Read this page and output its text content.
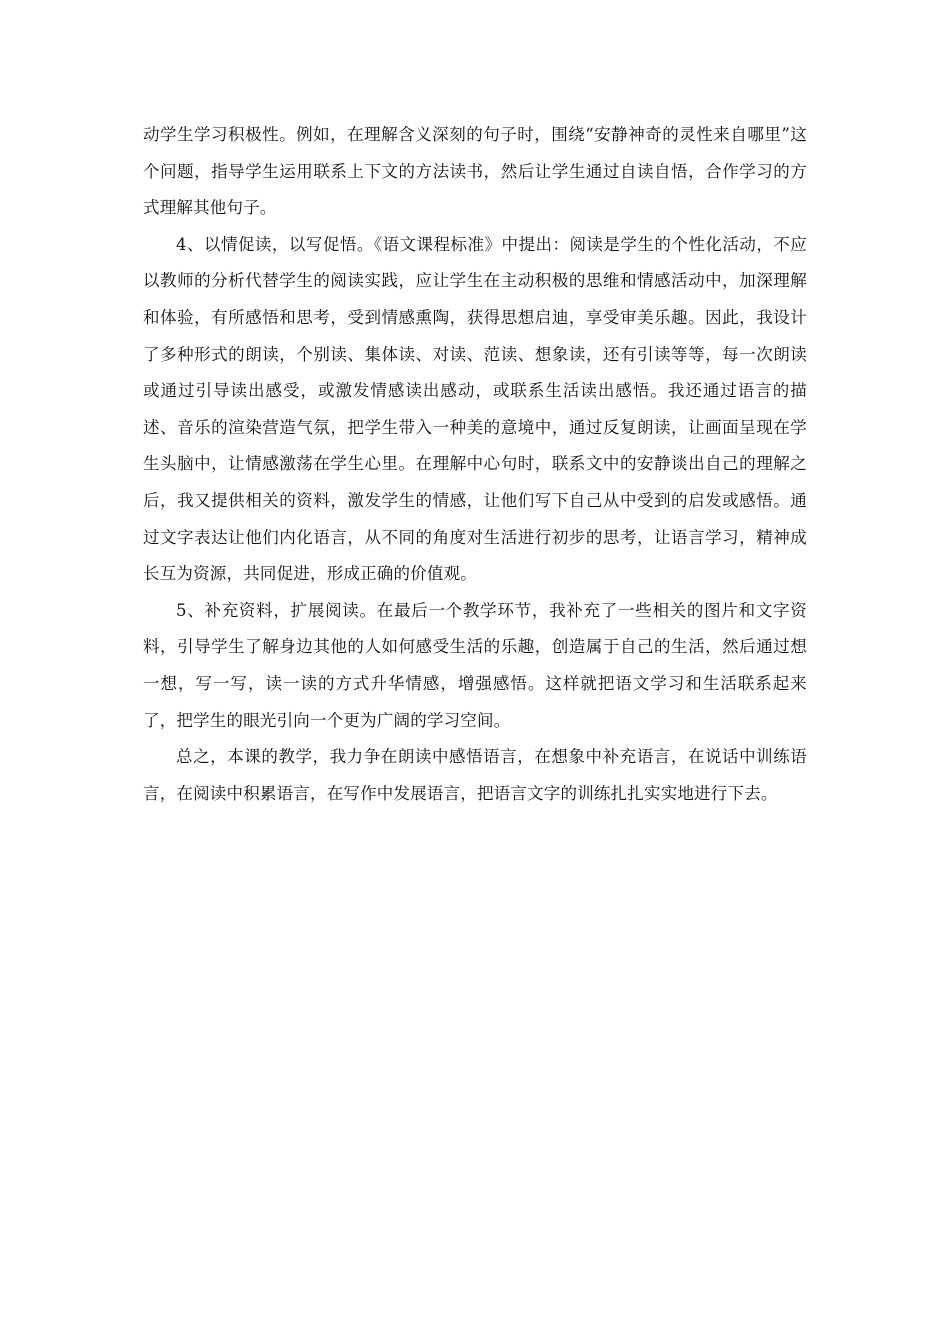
动学生学习积极性。例如，在理解含义深刻的句子时，围绕“安静神奇的灵性来自哪里”这个问题，指导学生运用联系上下文的方法读书，然后让学生通过自读自悟，合作学习的方式理解其他句子。

4、以情促读，以写促悟。《语文课程标准》中提出：阅读是学生的个性化活动，不应以教师的分析代替学生的阅读实践，应让学生在主动积极的思维和情感活动中，加深理解和体验，有所感悟和思考，受到情感熏陶，获得思想启迪，享受审美乐趣。因此，我设计了多种形式的朗读，个别读、集体读、对读、范读、想象读，还有引读等等，每一次朗读或通过引导读出感受，或激发情感读出感动，或联系生活读出感悟。我还通过语言的描述、音乐的渲染营造气氛，把学生带入一种美的意境中，通过反复朗读，让画面呈现在学生头脑中，让情感激荡在学生心里。在理解中心句时，联系文中的安静谈出自己的理解之后，我又提供相关的资料，激发学生的情感，让他们写下自己从中受到的启发或感悟。通过文字表达让他们内化语言，从不同的角度对生活进行初步的思考，让语言学习，精神成长互为资源，共同促进，形成正确的价值观。

5、补充资料，扩展阅读。在最后一个教学环节，我补充了一些相关的图片和文字资料，引导学生了解身边其他的人如何感受生活的乐趣，创造属于自己的生活，然后通过想一想，写一写，读一读的方式升华情感，增强感悟。这样就把语文学习和生活联系起来了，把学生的眼光引向一个更为广阔的学习空间。

总之，本课的教学，我力争在朗读中感悟语言，在想象中补充语言，在说话中训练语言，在阅读中积累语言，在写作中发展语言，把语言文字的训练扎扎实实地进行下去。
